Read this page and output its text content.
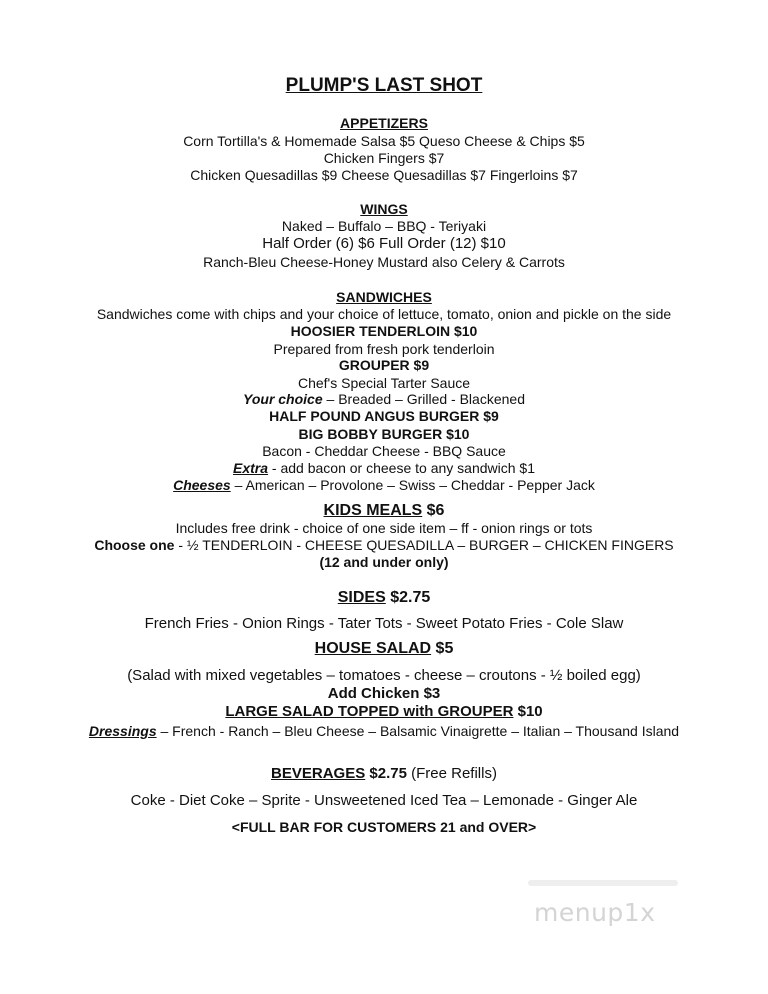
PLUMP'S LAST SHOT
APPETIZERS
Corn Tortilla's & Homemade Salsa $5 Queso Cheese & Chips $5
Chicken Fingers $7
Chicken Quesadillas $9 Cheese Quesadillas $7 Fingerloins $7
WINGS
Naked – Buffalo – BBQ - Teriyaki
Half Order (6) $6 Full Order (12) $10
Ranch-Bleu Cheese-Honey Mustard also Celery & Carrots
SANDWICHES
Sandwiches come with chips and your choice of lettuce, tomato, onion and pickle on the side
HOOSIER TENDERLOIN $10
Prepared from fresh pork tenderloin
GROUPER $9
Chef's Special Tarter Sauce
Your choice – Breaded – Grilled - Blackened
HALF POUND ANGUS BURGER $9
BIG BOBBY BURGER $10
Bacon - Cheddar Cheese - BBQ Sauce
Extra - add bacon or cheese to any sandwich $1
Cheeses – American – Provolone – Swiss – Cheddar - Pepper Jack
KIDS MEALS $6
Includes free drink - choice of one side item – ff - onion rings or tots
Choose one - ½ TENDERLOIN - CHEESE QUESADILLA – BURGER – CHICKEN FINGERS
(12 and under only)
SIDES $2.75
French Fries - Onion Rings - Tater Tots - Sweet Potato Fries - Cole Slaw
HOUSE SALAD $5
(Salad with mixed vegetables – tomatoes - cheese – croutons - ½ boiled egg)
Add Chicken $3
LARGE SALAD TOPPED with GROUPER $10
Dressings – French - Ranch – Bleu Cheese – Balsamic Vinaigrette – Italian – Thousand Island
BEVERAGES $2.75 (Free Refills)
Coke - Diet Coke – Sprite - Unsweetened Iced Tea – Lemonade - Ginger Ale
<FULL BAR FOR CUSTOMERS 21 and OVER>
menup1x
